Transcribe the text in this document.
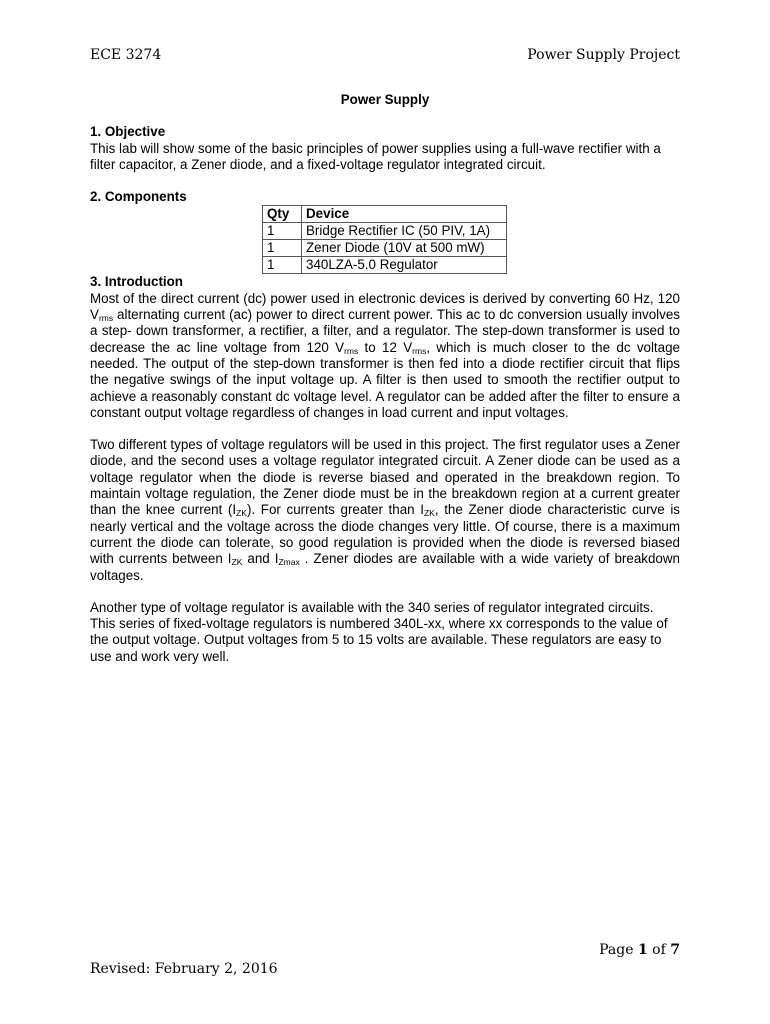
ECE 3274	Power Supply Project
Power Supply
1. Objective

This lab will show some of the basic principles of power supplies using a full-wave rectifier with a filter capacitor, a Zener diode, and a fixed-voltage regulator integrated circuit.

2. Components
Qty	Device
1	Bridge Rectifier IC (50 PIV, 1A)
1	Zener Diode (10V at 500 mW)
1	340LZA-5.0 Regulator
3. Introduction

Most of the direct current (dc) power used in electronic devices is derived by converting 60 Hz, 120 $V_{rms}$ alternating current (ac) power to direct current power. This ac to dc conversion usually involves a step- down transformer, a rectifier, a filter, and a regulator. The step-down transformer is used to decrease the ac line voltage from 120 $V_{rms}$ to 12 $V_{rms}$, which is much closer to the dc voltage needed. The output of the step-down transformer is then fed into a diode rectifier circuit that flips the negative swings of the input voltage up. A filter is then used to smooth the rectifier output to achieve a reasonably constant dc voltage level. A regulator can be added after the filter to ensure a constant output voltage regardless of changes in load current and input voltages.

Two different types of voltage regulators will be used in this project. The first regulator uses a Zener diode, and the second uses a voltage regulator integrated circuit. A Zener diode can be used as a voltage regulator when the diode is reverse biased and operated in the breakdown region. To maintain voltage regulation, the Zener diode must be in the breakdown region at a current greater than the knee current $(I_{ZK})$. For currents greater than $I_{ZK}$, the Zener diode characteristic curve is nearly vertical and the voltage across the diode changes very little. Of course, there is a maximum current the diode can tolerate, so good regulation is provided when the diode is reversed biased with currents between $I_{ZK}$ and $I_{Zmax}$ . Zener diodes are available with a wide variety of breakdown voltages.

Another type of voltage regulator is available with the 340 series of regulator integrated circuits. This series of fixed-voltage regulators is numbered 340L-xx, where xx corresponds to the value of the output voltage. Output voltages from 5 to 15 volts are available. These regulators are easy to use and work very well.

Page 1 of 7
Revised: February 2, 2016
